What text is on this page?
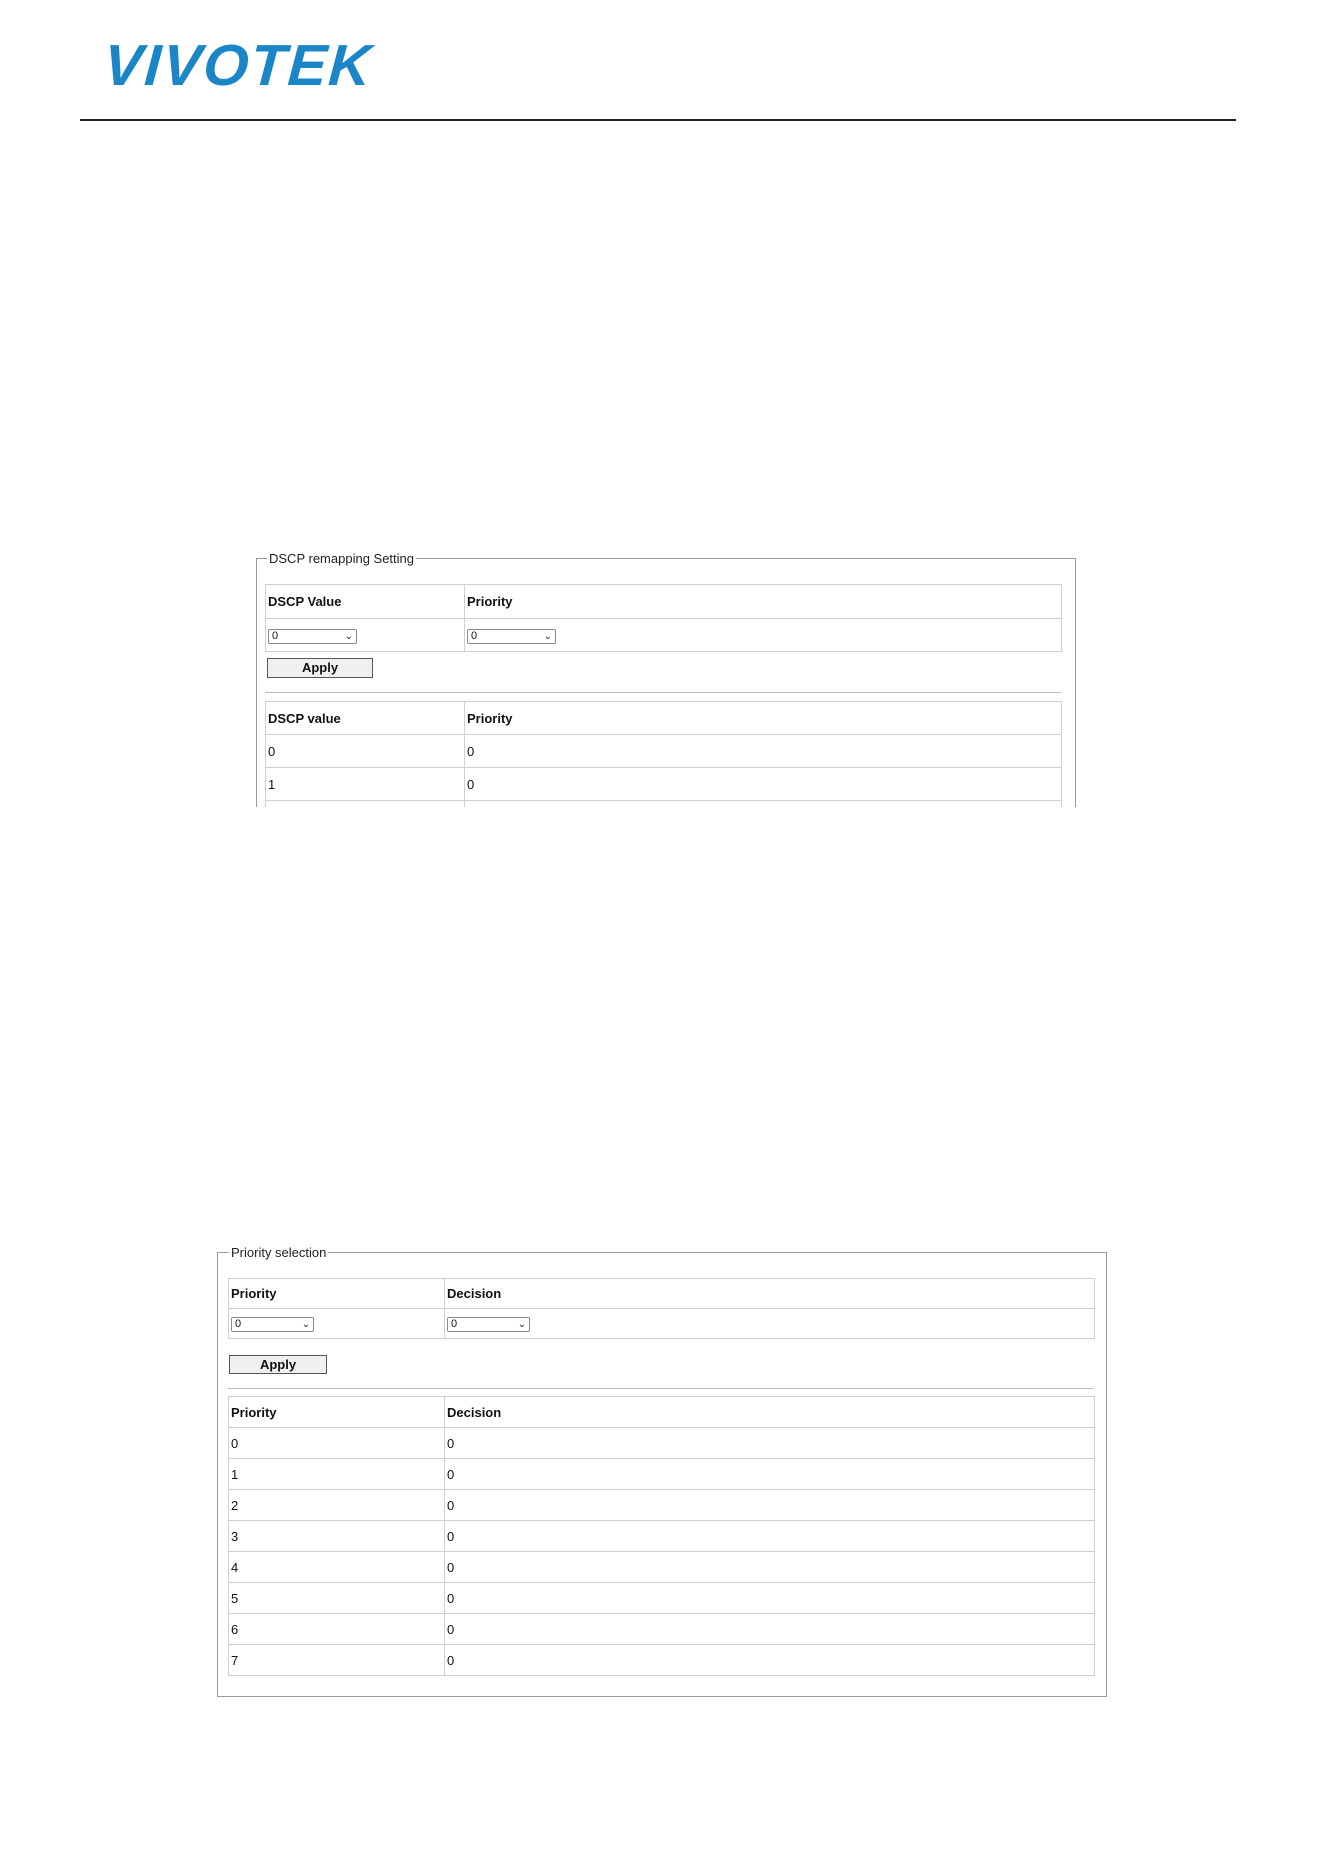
VIVOTEK
DSCP remapping Setting
DSCP Value	Priority
0 ⌄	0 ⌄
Apply
DSCP value	Priority
0	0
1	0

Priority selection
Priority	Decision
0 ⌄	0 ⌄
Apply
Priority	Decision
0	0
1	0
2	0
3	0
4	0
5	0
6	0
7	0
